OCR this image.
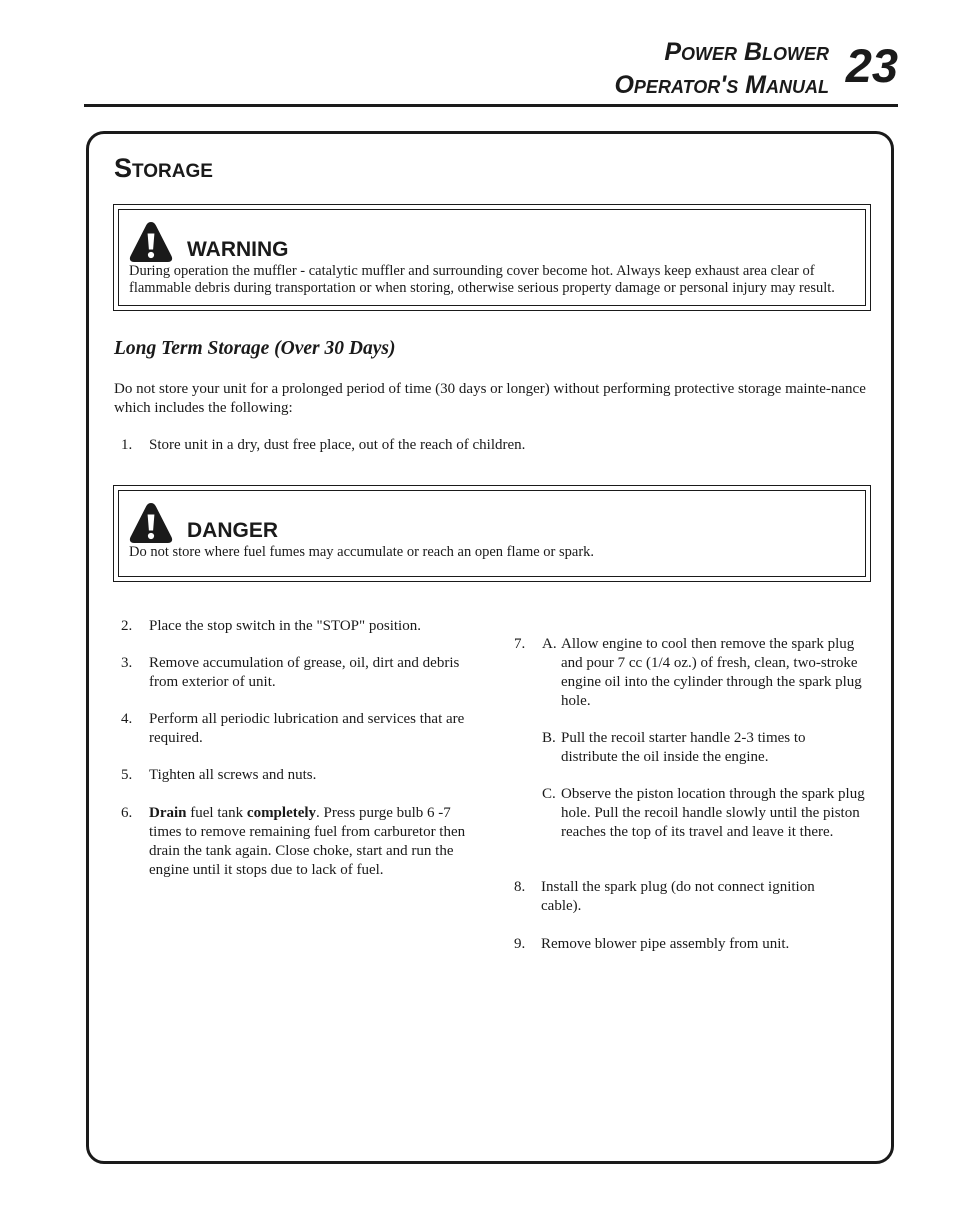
Power Blower
Operator's Manual 23
Storage
WARNING
During operation the muffler - catalytic muffler and surrounding cover become hot. Always keep exhaust area clear of flammable debris during transportation or when storing, otherwise serious property damage or personal injury may result.
Long Term Storage (Over 30 Days)
Do not store your unit for a prolonged period of time (30 days or longer) without performing protective storage mainte-nance which includes the following:
1. Store unit in a dry, dust free place, out of the reach of children.
DANGER
Do not store where fuel fumes may accumulate or reach an open flame or spark.
2. Place the stop switch in the "STOP" position.
3. Remove accumulation of grease, oil, dirt and debris from exterior of unit.
4. Perform all periodic lubrication and services that are required.
5. Tighten all screws and nuts.
6. Drain fuel tank completely. Press purge bulb 6 -7 times to remove remaining fuel from carburetor then drain the tank again. Close choke, start and run the engine until it stops due to lack of fuel.
7. A. Allow engine to cool then remove the spark plug and pour 7 cc (1/4 oz.) of fresh, clean, two-stroke engine oil into the cylinder through the spark plug hole.
B. Pull the recoil starter handle 2-3 times to distribute the oil inside the engine.
C. Observe the piston location through the spark plug hole. Pull the recoil handle slowly until the piston reaches the top of its travel and leave it there.
8. Install the spark plug (do not connect ignition cable).
9. Remove blower pipe assembly from unit.
